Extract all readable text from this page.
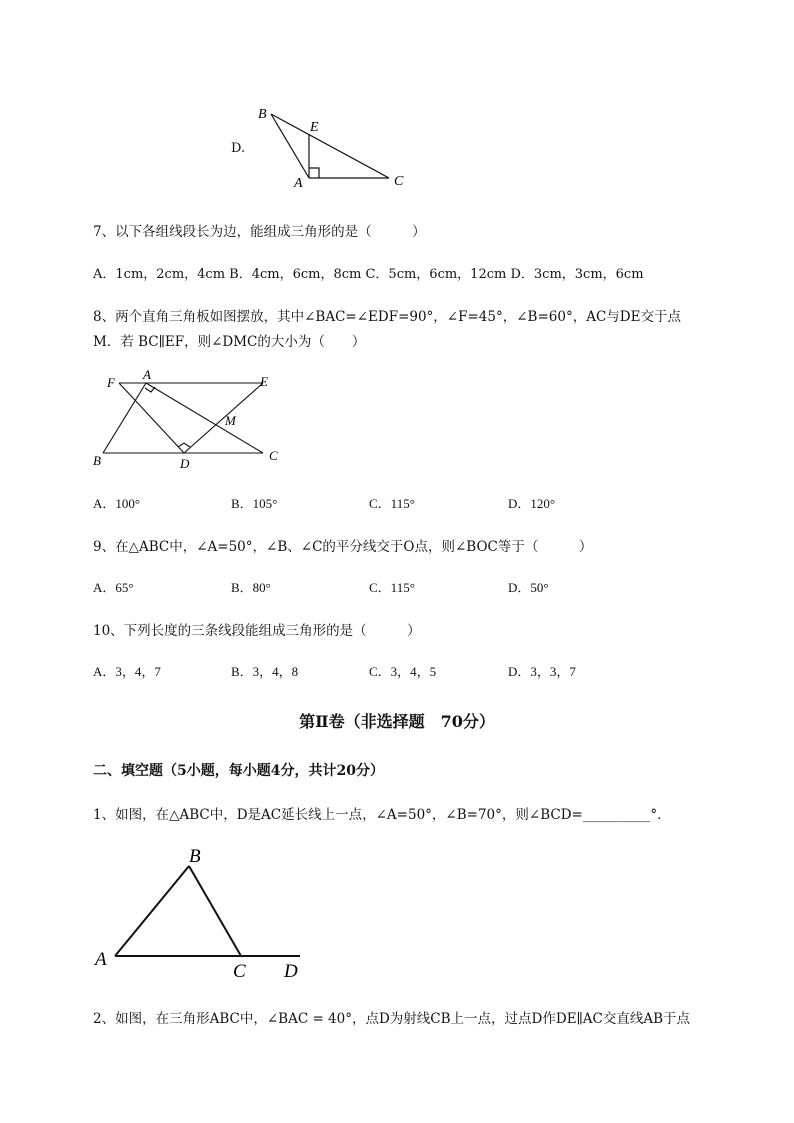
D.
B
E
A	C
7、以下各组线段长为边，能组成三角形的是（　　　）
A．1cm，2cm，4cm B．4cm，6cm，8cm C．5cm，6cm，12cm D．3cm，3cm，6cm
8、两个直角三角板如图摆放，其中∠BAC=∠EDF=90°，∠F=45°，∠B=60°，AC与DE交于点
M．若 BC∥EF，则∠DMC的大小为（　　）
F
A	E
M
B	D
C
A．100°	B．105°	C．115°	D．120°
9、在△ABC中，∠A=50°，∠B、∠C的平分线交于O点，则∠BOC等于（　　　）
A．65°	B．80°	C．115°	D．50°
10、下列长度的三条线段能组成三角形的是（　　　）
A．3，4，7	B．3，4，8	C．3，4，5	D．3，3，7
第Ⅱ卷（非选择题　70分）
二、填空题（5小题，每小题4分，共计20分）
1、如图，在△ABC中，D是AC延长线上一点，∠A=50°，∠B=70°，则∠BCD=__________°．
B
A
C D
2、如图，在三角形ABC中，∠BAC = 40°，点D为射线CB上一点，过点D作DE∥AC交直线AB于点
